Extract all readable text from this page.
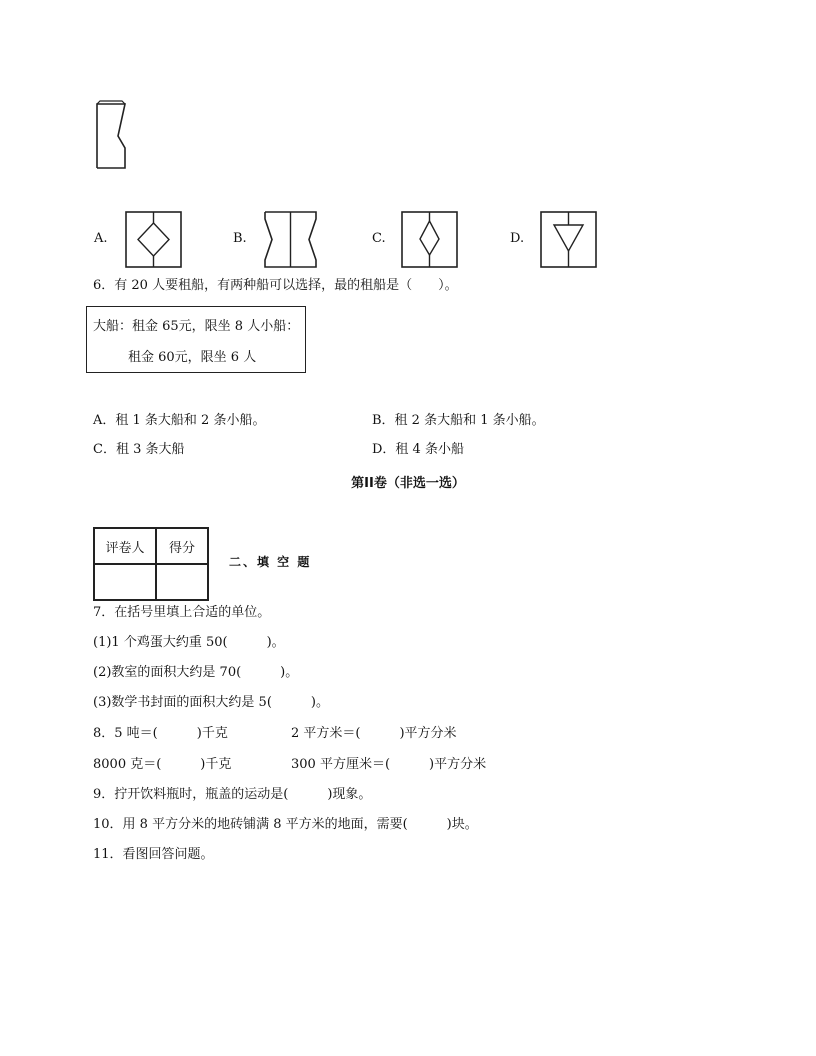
A.	B.	C.	D.
6．有 20 人要租船，有两种船可以选择，最的租船是（　　）。
大船：租金 65元，限坐 8 人小船：
租金 60元，限坐 6 人
A．租 1 条大船和 2 条小船。	B．租 2 条大船和 1 条小船。
C．租 3 条大船	D．租 4 条小船
第II卷（非选一选）
评卷人	得分

二、填 空 题
7．在括号里填上合适的单位。
(1)1 个鸡蛋大约重 50(　　　)。
(2)教室的面积大约是 70(　　　)。
(3)数学书封面的面积大约是 5(　　　)。
8．5 吨＝(　　　)千克	2 平方米＝(　　　)平方分米
8000 克＝(　　　)千克	300 平方厘米＝(　　　)平方分米
9．拧开饮料瓶时，瓶盖的运动是(　　　)现象。
10．用 8 平方分米的地砖铺满 8 平方米的地面，需要(　　　)块。
11．看图回答问题。
